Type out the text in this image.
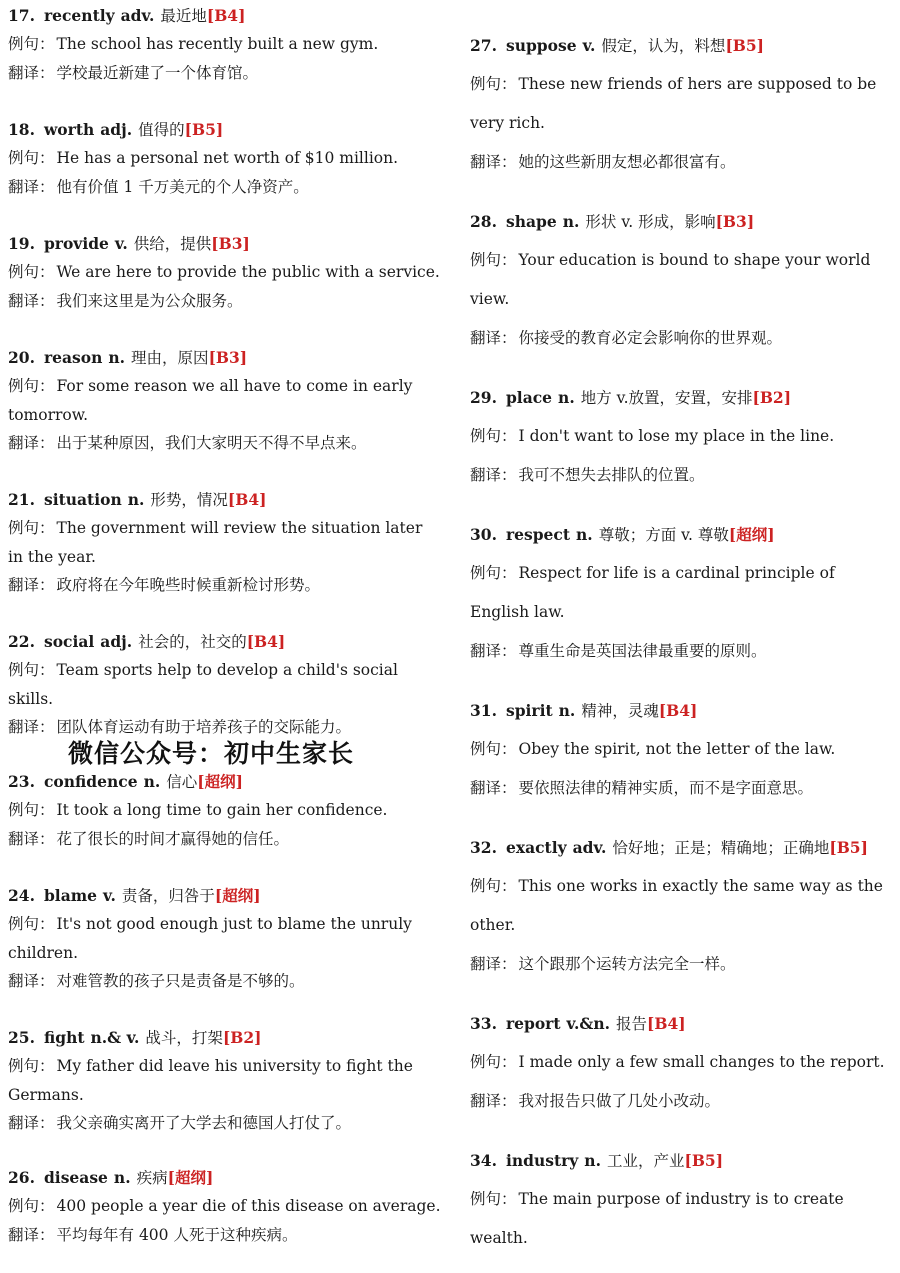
17. recently adv. 最近地[B4]
例句： The school has recently built a new gym.
翻译： 学校最近新建了一个体育馆。
18. worth adj. 值得的[B5]
例句： He has a personal net worth of $10 million.
翻译： 他有价值 1 千万美元的个人净资产。
19. provide v. 供给，提供[B3]
例句： We are here to provide the public with a service.
翻译： 我们来这里是为公众服务。
20. reason n. 理由，原因[B3]
例句： For some reason we all have to come in early
tomorrow.
翻译： 出于某种原因，我们大家明天不得不早点来。
21. situation n. 形势，情况[B4]
例句： The government will review the situation later
in the year.
翻译： 政府将在今年晚些时候重新检讨形势。
22. social adj. 社会的，社交的[B4]
例句： Team sports help to develop a child's social
skills.
翻译： 团队体育运动有助于培养孩子的交际能力。
23. confidence n. 信心[超纲]
例句： It took a long time to gain her confidence.
翻译： 花了很长的时间才赢得她的信任。
24. blame v. 责备，归咎于[超纲]
例句： It's not good enough just to blame the unruly
children.
翻译： 对难管教的孩子只是责备是不够的。
25. fight n.& v. 战斗，打架[B2]
例句： My father did leave his university to fight the
Germans.
翻译： 我父亲确实离开了大学去和德国人打仗了。
26. disease n. 疾病[超纲]
例句： 400 people a year die of this disease on average.
翻译： 平均每年有 400 人死于这种疾病。
27. suppose v. 假定，认为，料想[B5]
例句： These new friends of hers are supposed to be
very rich.
翻译： 她的这些新朋友想必都很富有。
28. shape n. 形状 v. 形成，影响[B3]
例句： Your education is bound to shape your world
view.
翻译： 你接受的教育必定会影响你的世界观。
29. place n. 地方 v.放置，安置，安排[B2]
例句： I don't want to lose my place in the line.
翻译： 我可不想失去排队的位置。
30. respect n. 尊敬；方面 v. 尊敬[超纲]
例句： Respect for life is a cardinal principle of
English law.
翻译： 尊重生命是英国法律最重要的原则。
31. spirit n. 精神，灵魂[B4]
例句： Obey the spirit, not the letter of the law.
翻译： 要依照法律的精神实质，而不是字面意思。
32. exactly adv. 恰好地；正是；精确地；正确地[B5]
例句： This one works in exactly the same way as the
other.
翻译： 这个跟那个运转方法完全一样。
33. report v.&n. 报告[B4]
例句： I made only a few small changes to the report.
翻译： 我对报告只做了几处小改动。
34. industry n. 工业，产业[B5]
例句： The main purpose of industry is to create
wealth.
微信公众号：初中生家长
